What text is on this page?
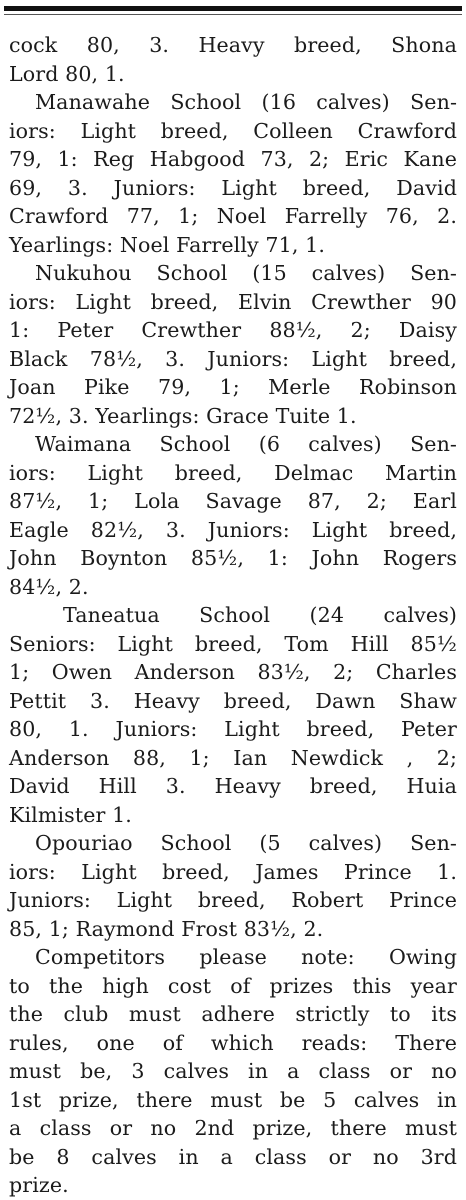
cock 80, 3. Heavy breed, Shona
Lord 80, 1.
Manawahe School (16 calves) Sen-
iors: Light breed, Colleen Crawford
79, 1: Reg Habgood 73, 2; Eric Kane
69, 3. Juniors: Light breed, David
Crawford 77, 1; Noel Farrelly 76, 2.
Yearlings: Noel Farrelly 71, 1.
Nukuhou School (15 calves) Sen-
iors: Light breed, Elvin Crewther 90
1: Peter Crewther 88½, 2; Daisy
Black 78½, 3. Juniors: Light breed,
Joan Pike 79, 1; Merle Robinson
72½, 3. Yearlings: Grace Tuite 1.
Waimana School (6 calves) Sen-
iors: Light breed, Delmac Martin
87½, 1; Lola Savage 87, 2; Earl
Eagle 82½, 3. Juniors: Light breed,
John Boynton 85½, 1: John Rogers
84½, 2.
Taneatua School (24 calves)
Seniors: Light breed, Tom Hill 85½
1; Owen Anderson 83½, 2; Charles
Pettit 3. Heavy breed, Dawn Shaw
80, 1. Juniors: Light breed, Peter
Anderson 88, 1; Ian Newdick , 2;
David Hill 3. Heavy breed, Huia
Kilmister 1.
Opouriao School (5 calves) Sen-
iors: Light breed, James Prince 1.
Juniors: Light breed, Robert Prince
85, 1; Raymond Frost 83½, 2.
Competitors please note: Owing
to the high cost of prizes this year
the club must adhere strictly to its
rules, one of which reads: There
must be, 3 calves in a class or no
1st prize, there must be 5 calves in
a class or no 2nd prize, there must
be 8 calves in a class or no 3rd
prize.
